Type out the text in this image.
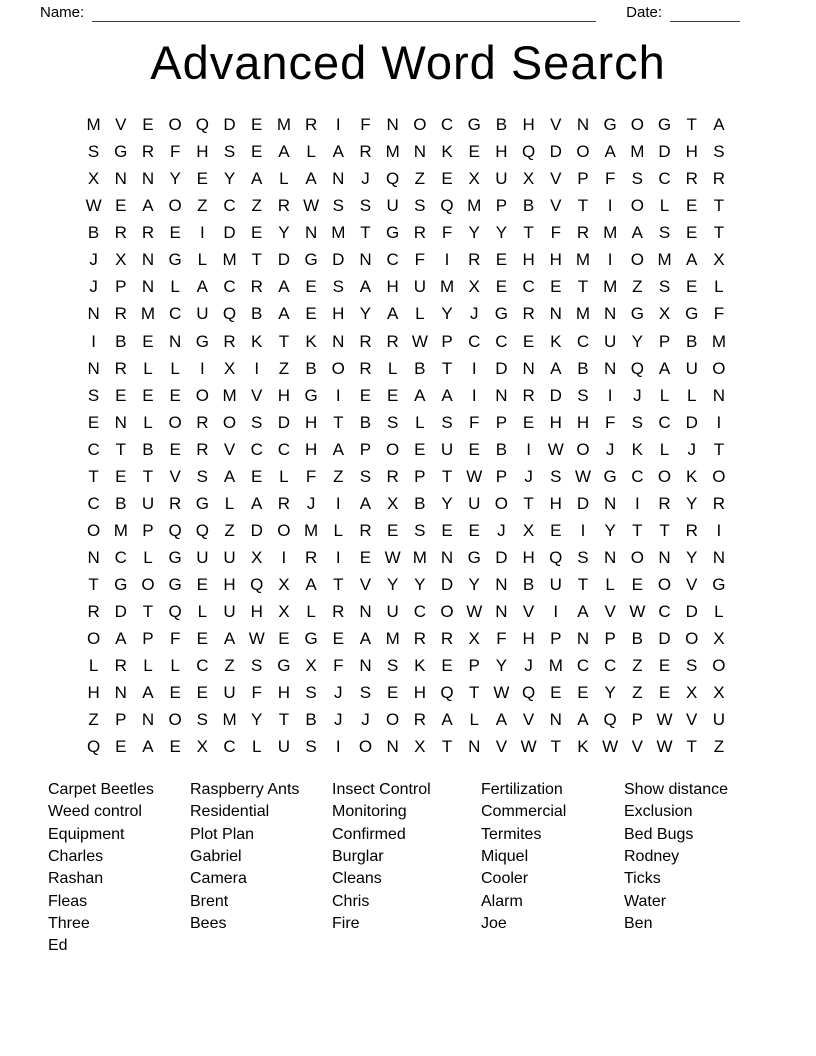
Name:	Date:
Advanced Word Search
M V E O Q D E M R	I	F N O C G B H V N G O G T A
S G R F H S E A L A R M N K E H Q D O A M D H S
X N N Y E Y A L A N J Q Z E X U X V P F S C R R
W E A O Z C Z R W S S U S Q M P B V T	I	O L E T
B R R E	I	D E Y N M T G R F Y Y T F R M A S E T
J	X N G L M T D G D N C F	I	R E H H M	I	O M A X
J	P N L A C R A E S A H U M X E C E T M Z S E L
N R M C U Q B A E H Y A L Y	J G R N M N G X G F
I	B E N G R K T K N R R W P C C E K C U Y P B M
N R L	L	I	X	I	Z B O R L B T	I	D N A B N Q A U O
S E E E O M V H G	I	E E A A	I	N R D S	I	J	L	L N
E N L O R O S D H T B S L S F P E H H F S C D	I
C T B E R V C C H A P O E U E B	I W O J	K L	J	T
T E T V S A E L	F Z S R P T W P	J	S W G C O K O
C B U R G L A R J	I	A X B Y U O T H D N	I	R Y R
O M P Q Q Z D O M L R E S E E	J	X E	I	Y T T R	I
N C L G U U X	I	R	I	E W M N G D H Q S N O N Y N
T G O G E H Q X A T V Y Y D Y N B U T	L E O V G
R D T Q L U H X L R N U C O W N V	I	A V W C D L
O A P F E A W E G E A M R R X F H P N P B D O X
L R L	L C Z S G X F N S K E P Y	J M C C Z E S O
H N A E E U F H S	J	S E H Q T W Q E E Y Z E X X
Z P N O S M Y T B	J	J O R A L A V N A Q P W V U
Q E A E X C L U S	I	O N X T N V W T K W V W T Z
Carpet Beetles
Weed control
Equipment
Charles
Rashan
Fleas
Three
Ed
Raspberry Ants
Residential
Plot Plan
Gabriel
Camera
Brent
Bees
Insect Control
Monitoring
Confirmed
Burglar
Cleans
Chris
Fire
Fertilization
Commercial
Termites
Miquel
Cooler
Alarm
Joe
Show distance
Exclusion
Bed Bugs
Rodney
Ticks
Water
Ben
